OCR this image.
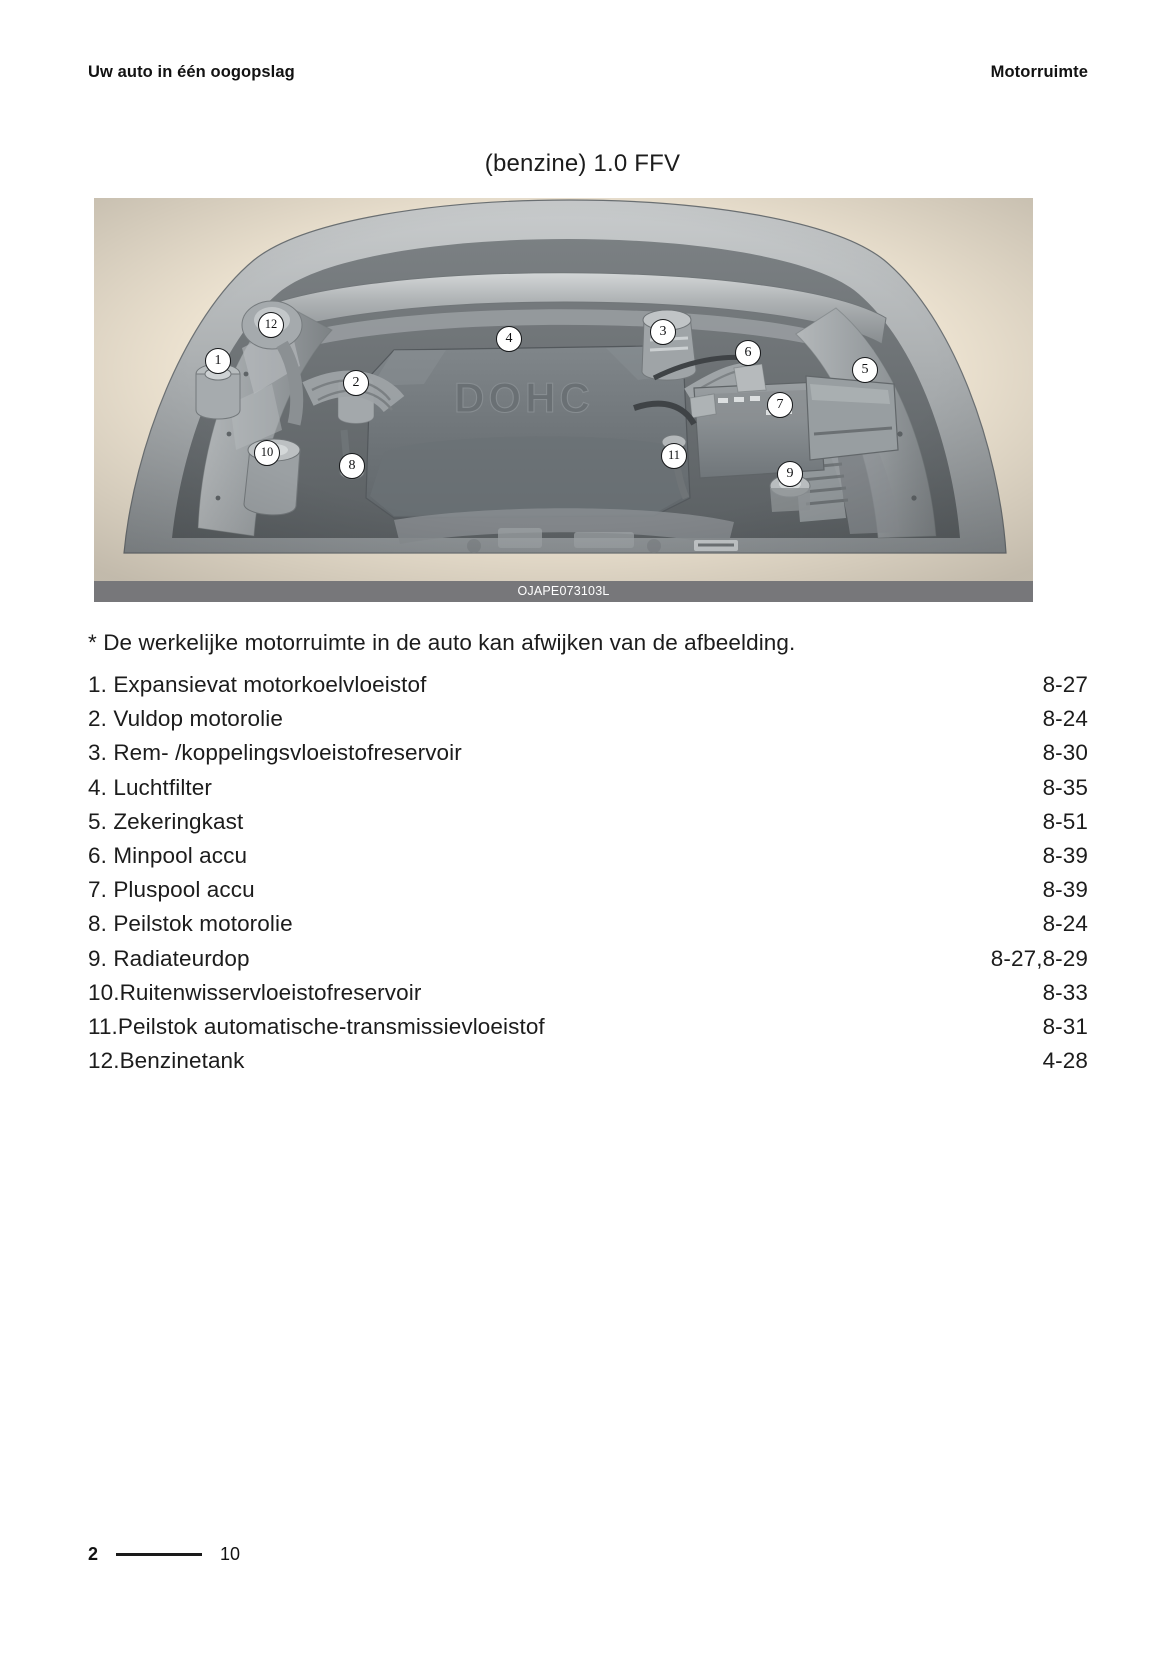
Uw auto in één oogopslag	Motorruimte
(benzine) 1.0 FFV
1
2
3
4
5
6
7
8
9
10	11
12
OJAPE073103L
* De werkelijke motorruimte in de auto kan afwijken van de afbeelding.
1. Expansievat motorkoelvloeistof	8-27
2. Vuldop motorolie	8-24
3. Rem- /koppelingsvloeistofreservoir	8-30
4. Luchtfilter	8-35
5. Zekeringkast	8-51
6. Minpool accu	8-39
7. Pluspool accu	8-39
8. Peilstok motorolie	8-24
9. Radiateurdop	8-27,8-29
10. Ruitenwisservloeistofreservoir	8-33
11. Peilstok automatische-transmissievloeistof	8-31
12. Benzinetank	4-28
2	10
